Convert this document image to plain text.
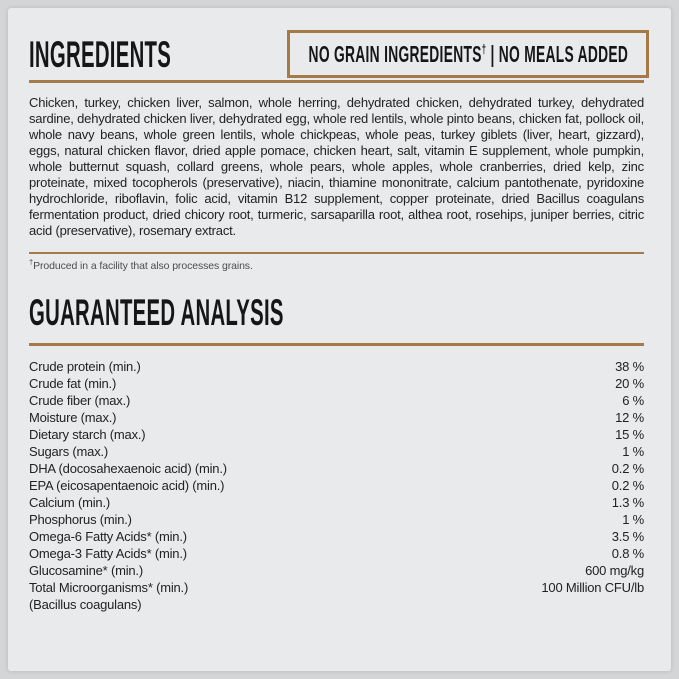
INGREDIENTS	NO GRAIN INGREDIENTS† | NO MEALS ADDED

Chicken, turkey, chicken liver, salmon, whole herring, dehydrated chicken, dehydrated turkey, dehydrated sardine, dehydrated chicken liver, dehydrated egg, whole red lentils, whole pinto beans, chicken fat, pollock oil, whole navy beans, whole green lentils, whole chickpeas, whole peas, turkey giblets (liver, heart, gizzard), eggs, natural chicken flavor, dried apple pomace, chicken heart, salt, vitamin E supplement, whole pumpkin, whole butternut squash, collard greens, whole pears, whole apples, whole cranberries, dried kelp, zinc proteinate, mixed tocopherols (preservative), niacin, thiamine mononitrate, calcium pantothenate, pyridoxine hydrochloride, riboflavin, folic acid, vitamin B12 supplement, copper proteinate, dried Bacillus coagulans fermentation product, dried chicory root, turmeric, sarsaparilla root, althea root, rosehips, juniper berries, citric acid (preservative), rosemary extract.

†Produced in a facility that also processes grains.
GUARANTEED ANALYSIS
Crude protein (min.)	38 %
Crude fat (min.)	20 %
Crude fiber (max.)	6 %
Moisture (max.)	12 %
Dietary starch (max.)	15 %
Sugars (max.)	1 %
DHA (docosahexaenoic acid) (min.)	0.2 %
EPA (eicosapentaenoic acid) (min.)	0.2 %
Calcium (min.)	1.3 %
Phosphorus (min.)	1 %
Omega-6 Fatty Acids* (min.)	3.5 %
Omega-3 Fatty Acids* (min.)	0.8 %
Glucosamine* (min.)	600 mg/kg
Total Microorganisms* (min.)	100 Million CFU/lb
(Bacillus coagulans)
